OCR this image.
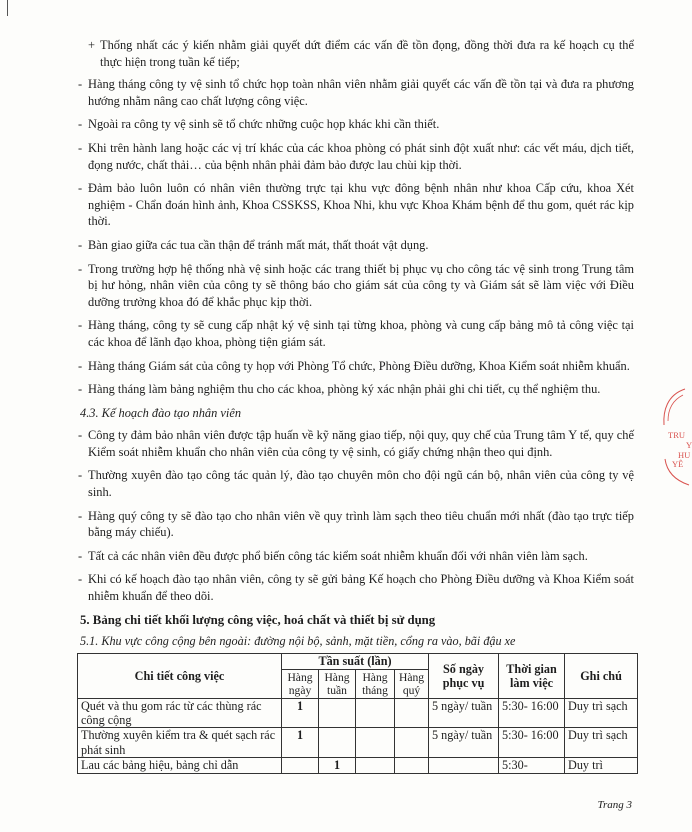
+ Thống nhất các ý kiến nhằm giải quyết dứt điểm các vấn đề tồn đọng, đồng thời đưa ra kế hoạch cụ thể thực hiện trong tuần kế tiếp;
- Hàng tháng công ty vệ sinh tổ chức họp toàn nhân viên nhằm giải quyết các vấn đề tồn tại và đưa ra phương hướng nhằm nâng cao chất lượng công việc.
- Ngoài ra công ty vệ sinh sẽ tổ chức những cuộc họp khác khi cần thiết.
- Khi trên hành lang hoặc các vị trí khác của các khoa phòng có phát sinh đột xuất như: các vết máu, dịch tiết, đọng nước, chất thải… của bệnh nhân phải đảm bảo được lau chùi kịp thời.
- Đảm bảo luôn luôn có nhân viên thường trực tại khu vực đông bệnh nhân như khoa Cấp cứu, khoa Xét nghiệm - Chẩn đoán hình ảnh, Khoa CSSKSS, Khoa Nhi, khu vực Khoa Khám bệnh để thu gom, quét rác kịp thời.
- Bàn giao giữa các tua cần thận để tránh mất mát, thất thoát vật dụng.
- Trong trường hợp hệ thống nhà vệ sinh hoặc các trang thiết bị phục vụ cho công tác vệ sinh trong Trung tâm bị hư hỏng, nhân viên của công ty sẽ thông báo cho giám sát của công ty và Giám sát sẽ làm việc với Điều dưỡng trưởng khoa đó để khắc phục kịp thời.
- Hàng tháng, công ty sẽ cung cấp nhật ký vệ sinh tại từng khoa, phòng và cung cấp bảng mô tả công việc tại các khoa để lãnh đạo khoa, phòng tiện giám sát.
- Hàng tháng Giám sát của công ty họp với Phòng Tổ chức, Phòng Điều dưỡng, Khoa Kiểm soát nhiễm khuẩn.
- Hàng tháng làm bảng nghiệm thu cho các khoa, phòng ký xác nhận phải ghi chi tiết, cụ thể nghiệm thu.
4.3. Kế hoạch đào tạo nhân viên
- Công ty đảm bảo nhân viên được tập huấn về kỹ năng giao tiếp, nội quy, quy chế của Trung tâm Y tế, quy chế Kiểm soát nhiễm khuẩn cho nhân viên của công ty vệ sinh, có giấy chứng nhận theo qui định.
- Thường xuyên đào tạo công tác quản lý, đào tạo chuyên môn cho đội ngũ cán bộ, nhân viên của công ty vệ sinh.
- Hàng quý công ty sẽ đào tạo cho nhân viên về quy trình làm sạch theo tiêu chuẩn mới nhất (đào tạo trực tiếp bằng máy chiếu).
- Tất cả các nhân viên đều được phổ biến công tác kiểm soát nhiễm khuẩn đối với nhân viên làm sạch.
- Khi có kế hoạch đào tạo nhân viên, công ty sẽ gửi bảng Kế hoạch cho Phòng Điều dưỡng và Khoa Kiểm soát nhiễm khuẩn để theo dõi.
5. Bảng chi tiết khối lượng công việc, hoá chất và thiết bị sử dụng
5.1. Khu vực công cộng bên ngoài: đường nội bộ, sảnh, mặt tiền, cổng ra vào, bãi đậu xe
Chi tiết công việc	Tần suất (lần)				Số ngày phục vụ	Thời gian làm việc	Ghi chú
	Hàng ngày	Hàng tuần	Hàng tháng	Hàng quý			
Quét và thu gom rác từ các thùng rác công cộng	1				5 ngày/ tuần	5:30- 16:00	Duy trì sạch
Thường xuyên kiểm tra & quét sạch rác phát sinh	1				5 ngày/ tuần	5:30- 16:00	Duy trì sạch
Lau các bảng hiệu, bảng chỉ dẫn		1				5:30-	Duy trì
TRU
Y
HU
YÊ
Trang 3
